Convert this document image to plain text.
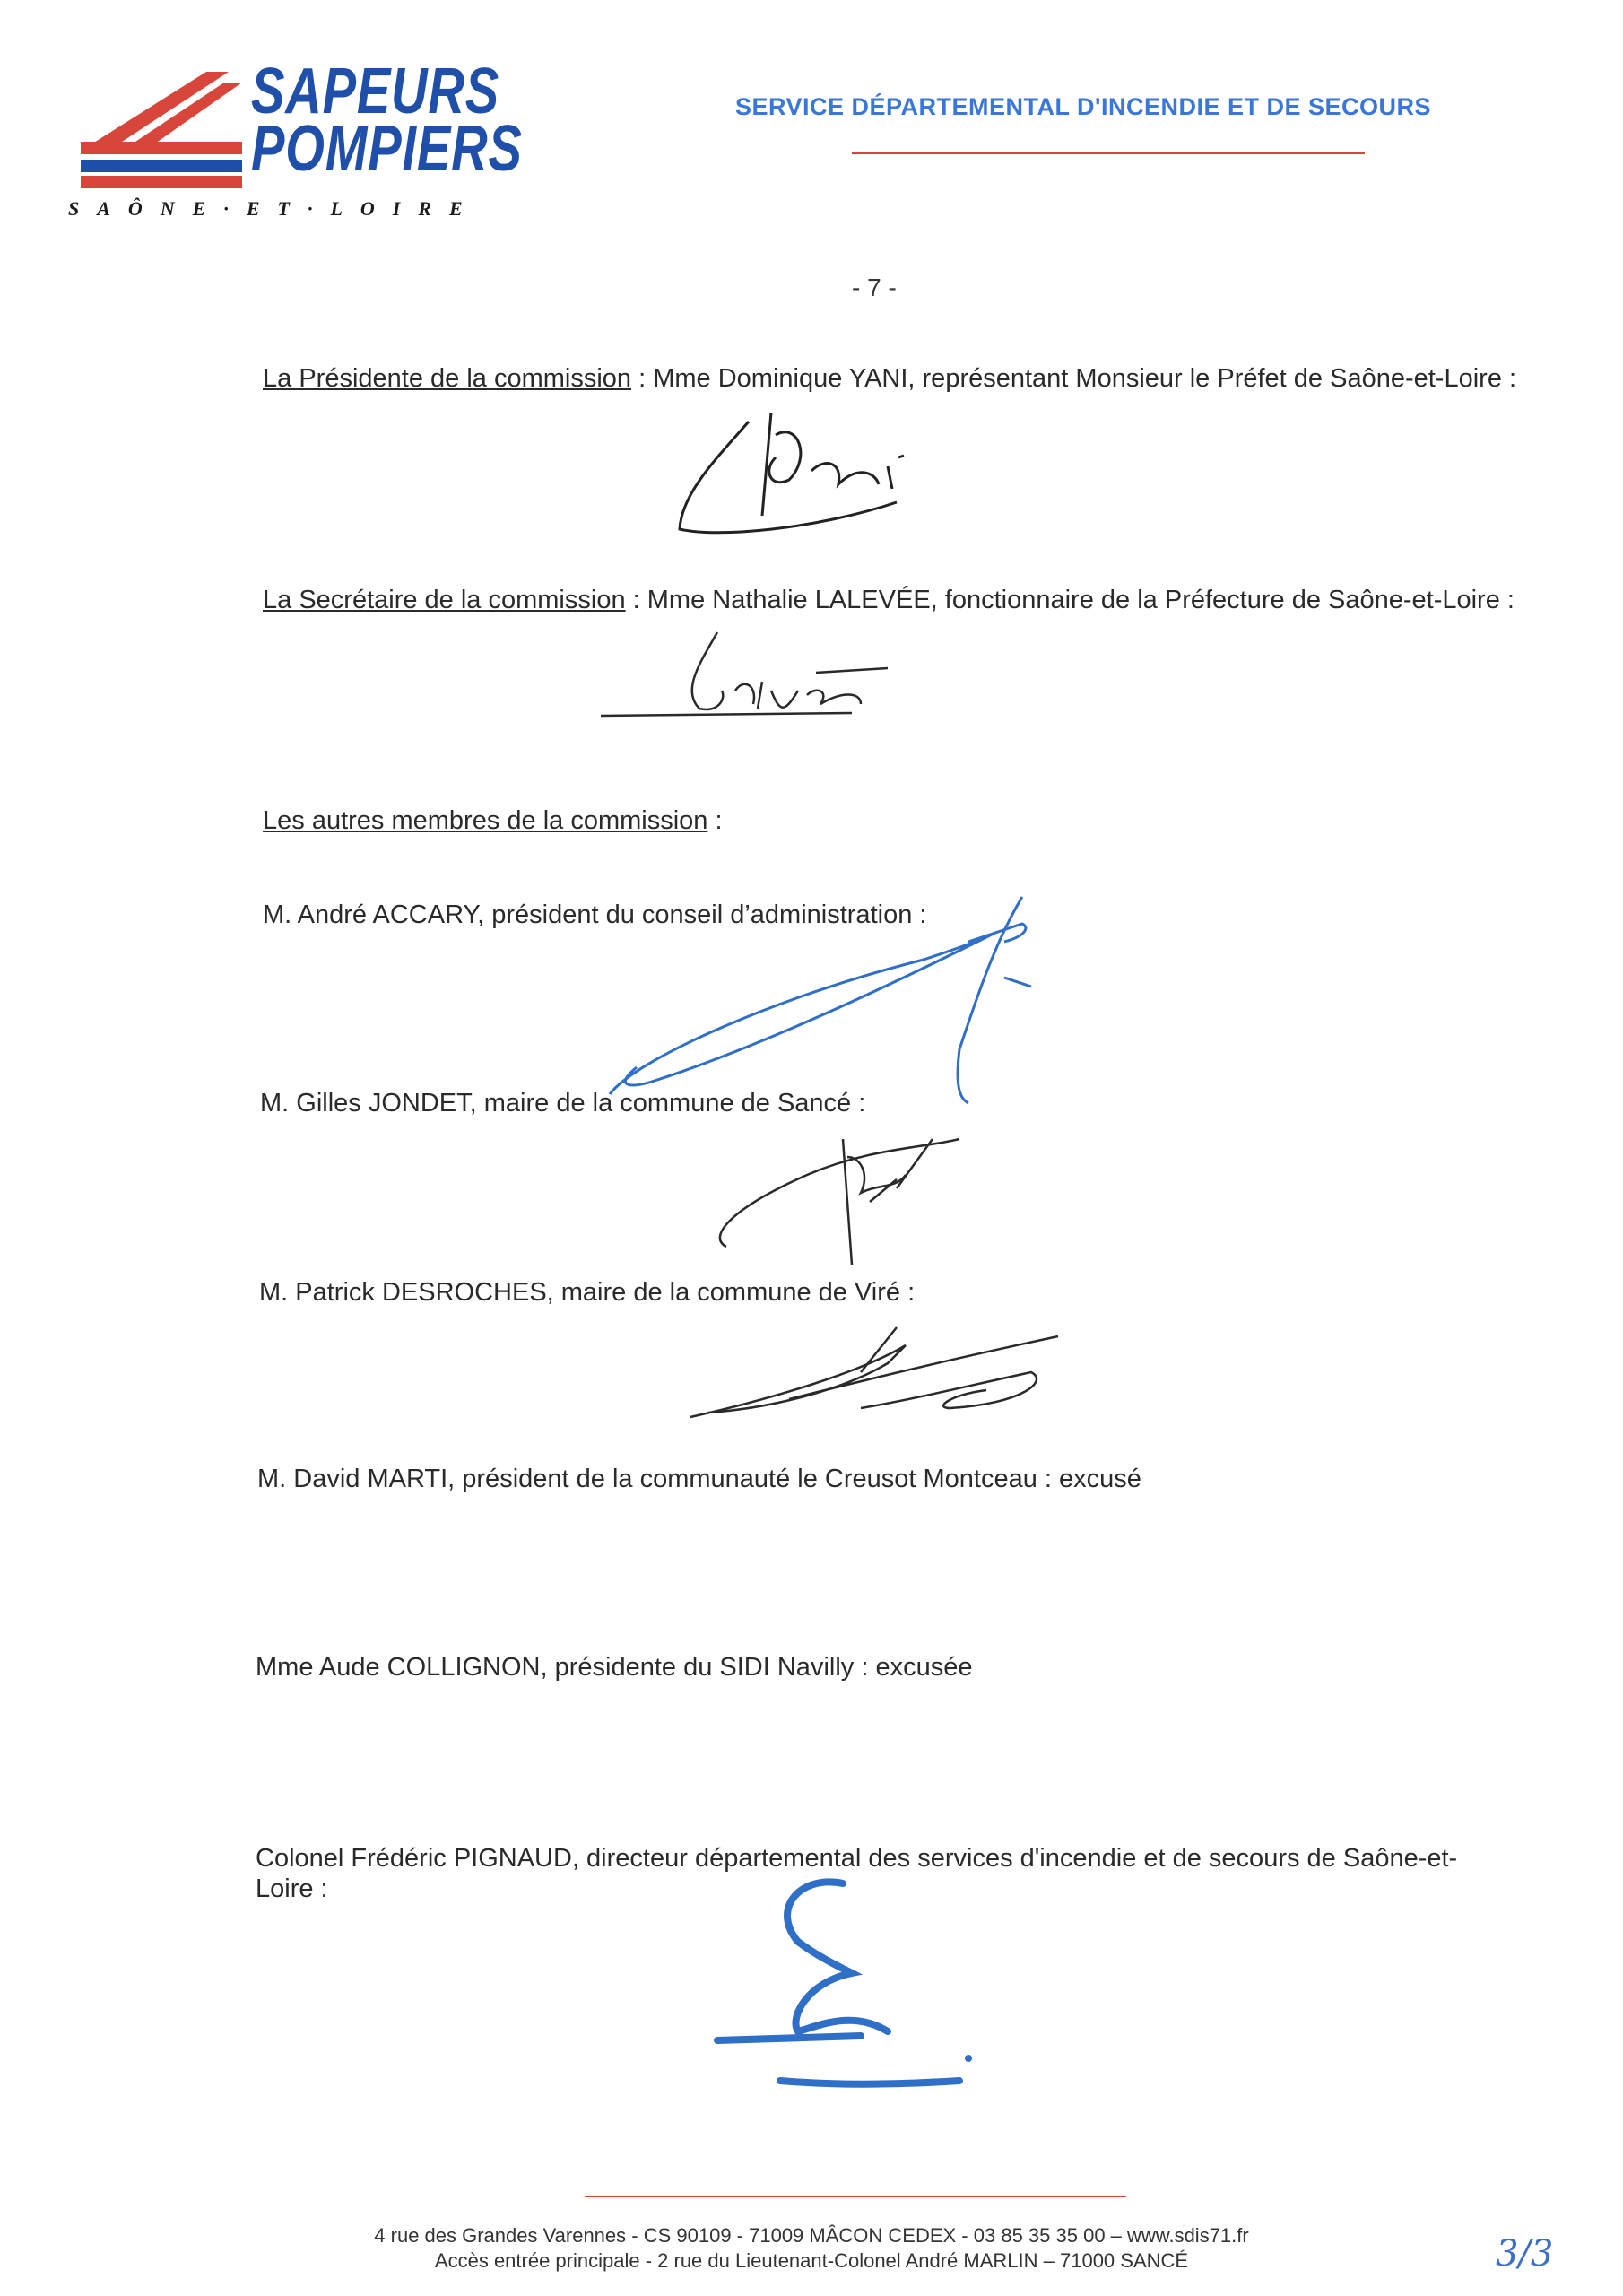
SAPEURS
POMPIERS
SAÔNE·ET·LOIRE
SERVICE DÉPARTEMENTAL D'INCENDIE ET DE SECOURS
- 7 -
La Présidente de la commission : Mme Dominique YANI, représentant Monsieur le Préfet de Saône-et-Loire :
La Secrétaire de la commission : Mme Nathalie LALEVÉE, fonctionnaire de la Préfecture de Saône-et-Loire :
Les autres membres de la commission :
M. André ACCARY, président du conseil d’administration :
M. Gilles JONDET, maire de la commune de Sancé :
M. Patrick DESROCHES, maire de la commune de Viré :
M. David MARTI, président de la communauté le Creusot Montceau : excusé
Mme Aude COLLIGNON, présidente du SIDI Navilly : excusée
Colonel Frédéric PIGNAUD, directeur départemental des services d'incendie et de secours de Saône-et-Loire :
4 rue des Grandes Varennes - CS 90109 - 71009 MÂCON CEDEX - 03 85 35 35 00 – www.sdis71.fr
Accès entrée principale - 2 rue du Lieutenant-Colonel André MARLIN – 71000 SANCÉ	3/3
